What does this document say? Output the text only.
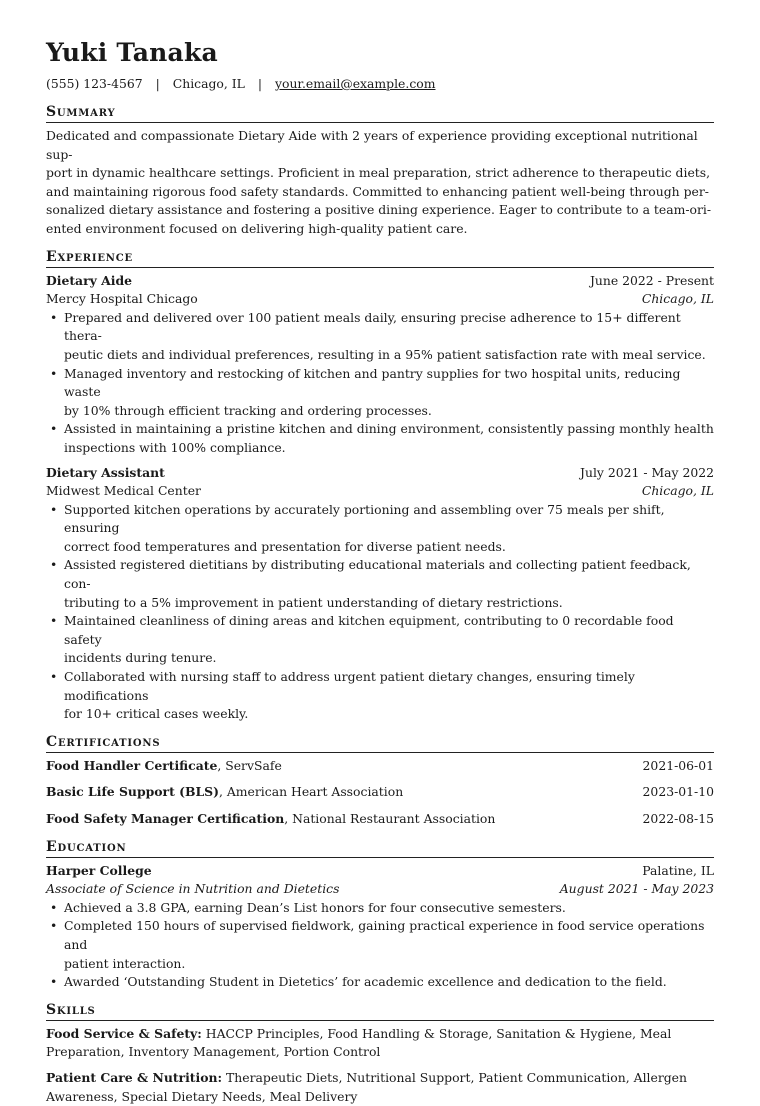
Yuki Tanaka
(555) 123-4567 | Chicago, IL | your.email@example.com
Summary

Dedicated and compassionate Dietary Aide with 2 years of experience providing exceptional nutritional sup-
port in dynamic healthcare settings. Proficient in meal preparation, strict adherence to therapeutic diets,
and maintaining rigorous food safety standards. Committed to enhancing patient well-being through per-
sonalized dietary assistance and fostering a positive dining experience. Eager to contribute to a team-ori-
ented environment focused on delivering high-quality patient care.

Experience
Dietary Aide	June 2022 - Present
Mercy Hospital Chicago	Chicago, IL
• Prepared and delivered over 100 patient meals daily, ensuring precise adherence to 15+ different thera-
peutic diets and individual preferences, resulting in a 95% patient satisfaction rate with meal service.
• Managed inventory and restocking of kitchen and pantry supplies for two hospital units, reducing waste
by 10% through efficient tracking and ordering processes.
• Assisted in maintaining a pristine kitchen and dining environment, consistently passing monthly health
inspections with 100% compliance.
Dietary Assistant	July 2021 - May 2022
Midwest Medical Center	Chicago, IL
• Supported kitchen operations by accurately portioning and assembling over 75 meals per shift, ensuring
correct food temperatures and presentation for diverse patient needs.
• Assisted registered dietitians by distributing educational materials and collecting patient feedback, con-
tributing to a 5% improvement in patient understanding of dietary restrictions.
• Maintained cleanliness of dining areas and kitchen equipment, contributing to 0 recordable food safety
incidents during tenure.
• Collaborated with nursing staff to address urgent patient dietary changes, ensuring timely modifications
for 10+ critical cases weekly.
Certifications
Food Handler Certificate, ServSafe	2021-06-01
Basic Life Support (BLS), American Heart Association	2023-01-10
Food Safety Manager Certification, National Restaurant Association	2022-08-15
Education
Harper College	Palatine, IL
Associate of Science in Nutrition and Dietetics	August 2021 - May 2023
• Achieved a 3.8 GPA, earning Dean’s List honors for four consecutive semesters.
• Completed 150 hours of supervised fieldwork, gaining practical experience in food service operations and
patient interaction.
• Awarded ‘Outstanding Student in Dietetics’ for academic excellence and dedication to the field.
Skills
Food Service & Safety: HACCP Principles, Food Handling & Storage, Sanitation & Hygiene, Meal
Preparation, Inventory Management, Portion Control
Patient Care & Nutrition: Therapeutic Diets, Nutritional Support, Patient Communication, Allergen
Awareness, Special Dietary Needs, Meal Delivery
